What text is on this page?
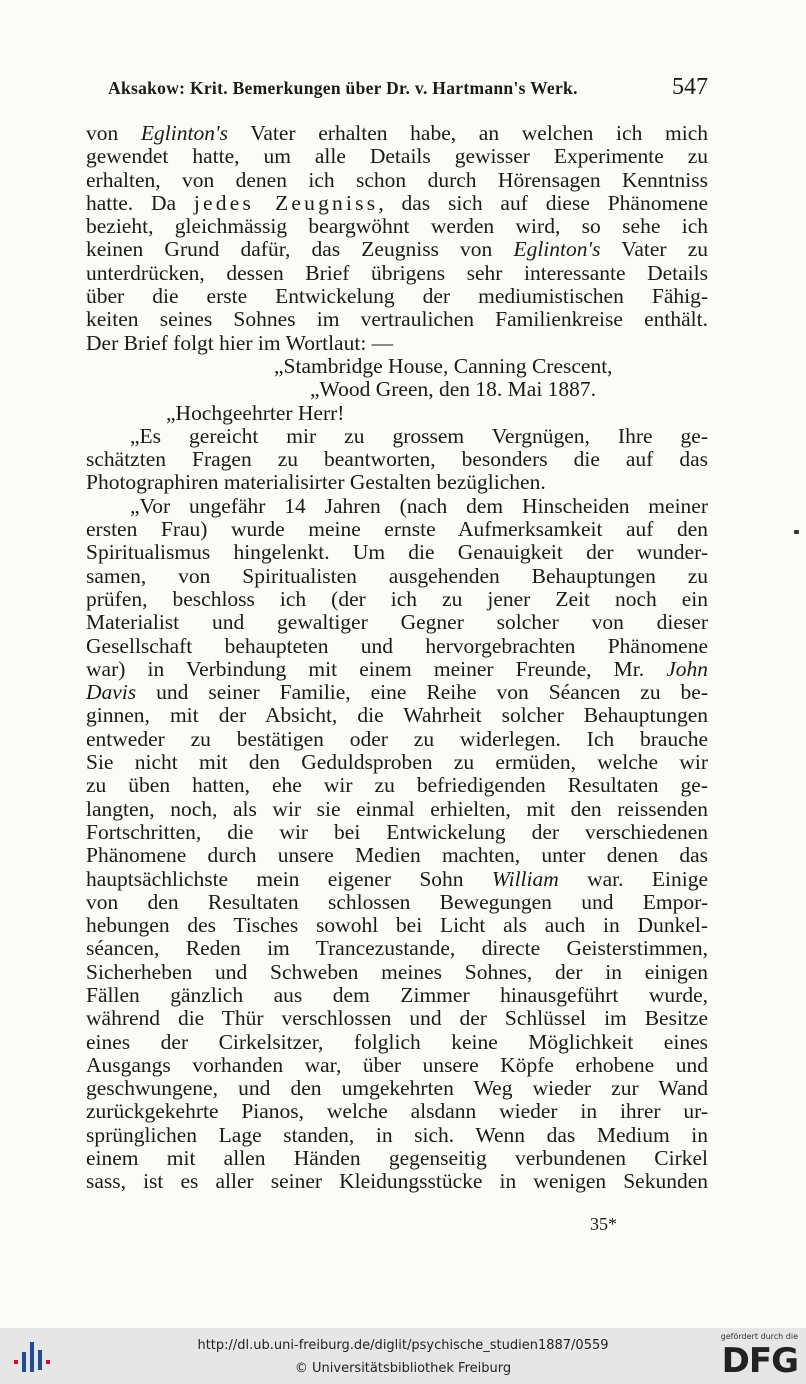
Aksakow: Krit. Bemerkungen über Dr. v. Hartmann's Werk.	547
von Eglinton's Vater erhalten habe, an welchen ich mich
gewendet hatte, um alle Details gewisser Experimente zu
erhalten, von denen ich schon durch Hörensagen Kenntniss
hatte. Da jedes Zeugniss, das sich auf diese Phänomene
bezieht, gleichmässig beargwöhnt werden wird, so sehe ich
keinen Grund dafür, das Zeugniss von Eglinton's Vater zu
unterdrücken, dessen Brief übrigens sehr interessante Details
über die erste Entwickelung der mediumistischen Fähig-
keiten seines Sohnes im vertraulichen Familienkreise enthält.
Der Brief folgt hier im Wortlaut: —
„Stambridge House, Canning Crescent,
„Wood Green, den 18. Mai 1887.
„Hochgeehrter Herr!
„Es gereicht mir zu grossem Vergnügen, Ihre ge-
schätzten Fragen zu beantworten, besonders die auf das
Photographiren materialisirter Gestalten bezüglichen.
„Vor ungefähr 14 Jahren (nach dem Hinscheiden meiner
ersten Frau) wurde meine ernste Aufmerksamkeit auf den
Spiritualismus hingelenkt. Um die Genauigkeit der wunder-
samen, von Spiritualisten ausgehenden Behauptungen zu
prüfen, beschloss ich (der ich zu jener Zeit noch ein
Materialist und gewaltiger Gegner solcher von dieser
Gesellschaft behaupteten und hervorgebrachten Phänomene
war) in Verbindung mit einem meiner Freunde, Mr. John
Davis und seiner Familie, eine Reihe von Séancen zu be-
ginnen, mit der Absicht, die Wahrheit solcher Behauptungen
entweder zu bestätigen oder zu widerlegen. Ich brauche
Sie nicht mit den Geduldsproben zu ermüden, welche wir
zu üben hatten, ehe wir zu befriedigenden Resultaten ge-
langten, noch, als wir sie einmal erhielten, mit den reissenden
Fortschritten, die wir bei Entwickelung der verschiedenen
Phänomene durch unsere Medien machten, unter denen das
hauptsächlichste mein eigener Sohn William war. Einige
von den Resultaten schlossen Bewegungen und Empor-
hebungen des Tisches sowohl bei Licht als auch in Dunkel-
séancen, Reden im Trancezustande, directe Geisterstimmen,
Sicherheben und Schweben meines Sohnes, der in einigen
Fällen gänzlich aus dem Zimmer hinausgeführt wurde,
während die Thür verschlossen und der Schlüssel im Besitze
eines der Cirkelsitzer, folglich keine Möglichkeit eines
Ausgangs vorhanden war, über unsere Köpfe erhobene und
geschwungene, und den umgekehrten Weg wieder zur Wand
zurückgekehrte Pianos, welche alsdann wieder in ihrer ur-
sprünglichen Lage standen, in sich. Wenn das Medium in
einem mit allen Händen gegenseitig verbundenen Cirkel
sass, ist es aller seiner Kleidungsstücke in wenigen Sekunden
35*
http://dl.ub.uni-freiburg.de/diglit/psychische_studien1887/0559
© Universitätsbibliothek Freiburg
gefördert durch die
DFG
